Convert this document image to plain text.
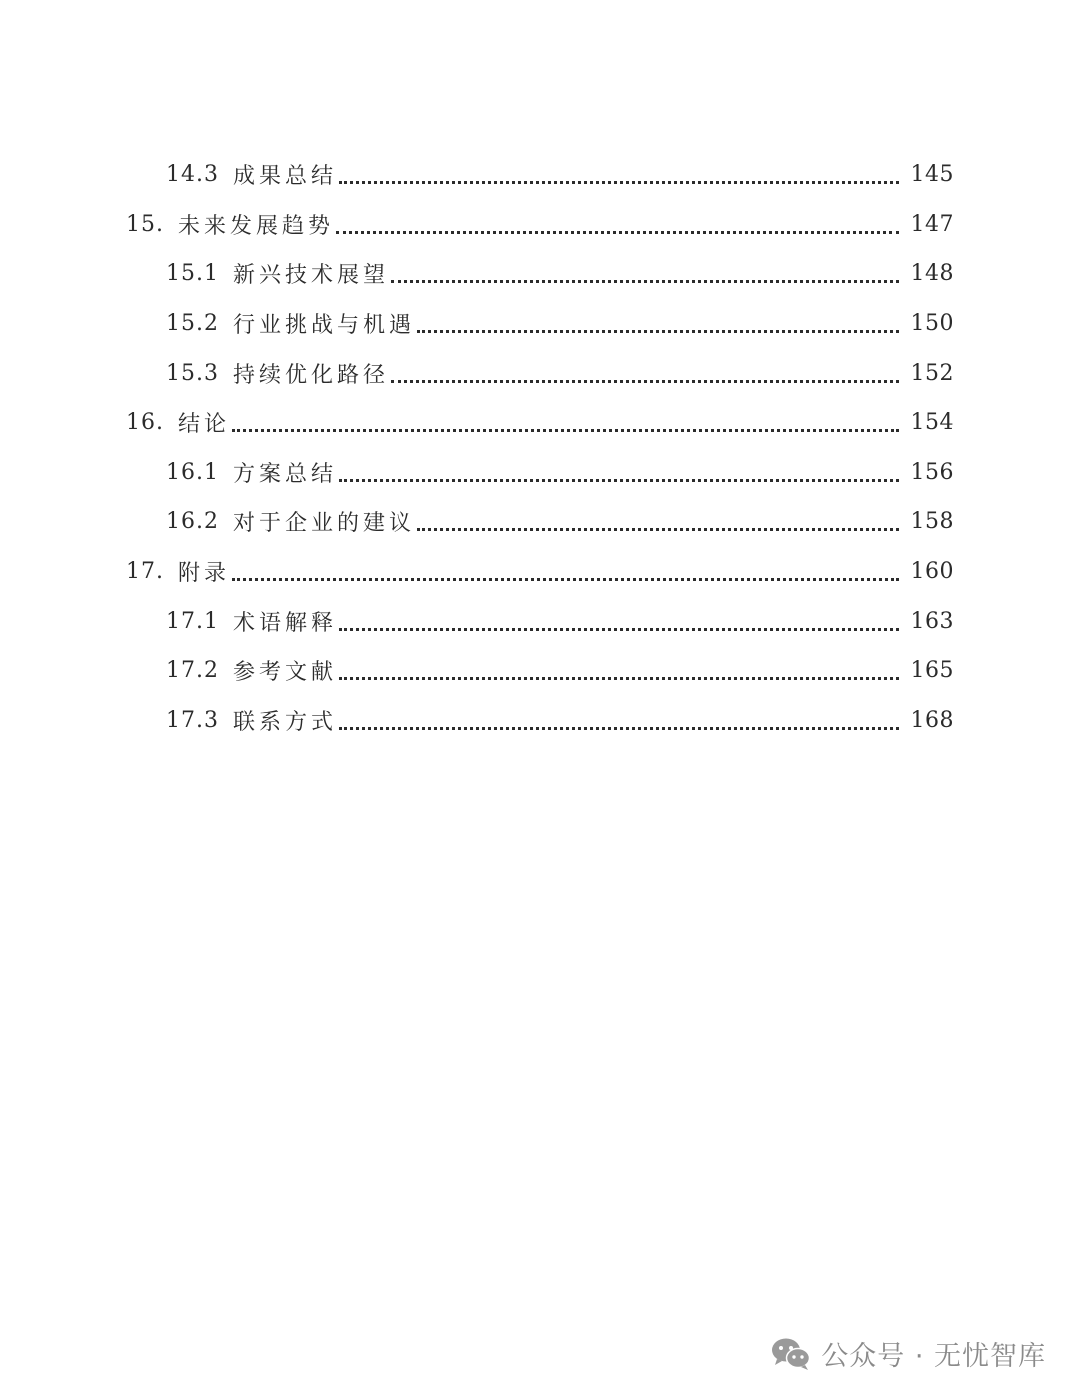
14.3 成果总结	145
15. 未来发展趋势	147
15.1 新兴技术展望	148
15.2 行业挑战与机遇	150
15.3 持续优化路径	152
16. 结论	154
16.1 方案总结	156
16.2 对于企业的建议	158
17. 附录	160
17.1 术语解释	163
17.2 参考文献	165
17.3 联系方式	168
公众号 · 无忧智库
